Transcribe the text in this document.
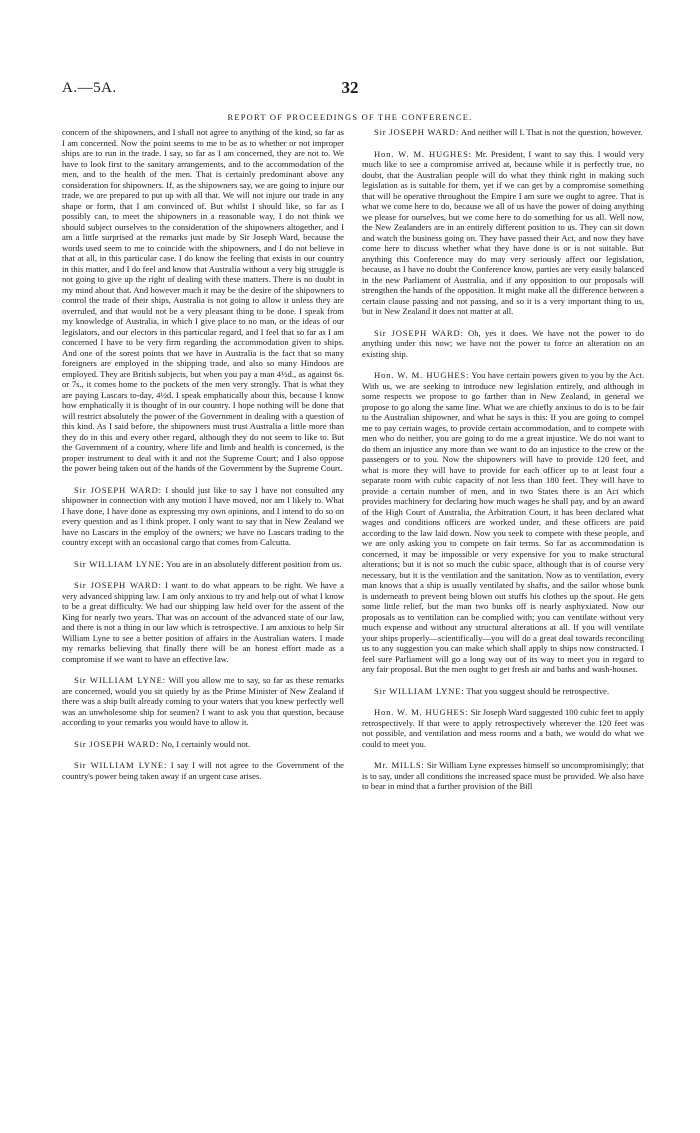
A.—5A.	32
REPORT OF PROCEEDINGS OF THE CONFERENCE.

concern of the shipowners, and I shall not agree to anything of the kind, so far as I am concerned. Now the point seems to me to be as to whether or not improper ships are to run in the trade. I say, so far as I am concerned, they are not to. We have to look first to the sanitary arrangements, and to the accommodation of the men, and to the health of the men. That is certainly predominant above any consideration for shipowners. If, as the shipowners say, we are going to injure our trade, we are prepared to put up with all that. We will not injure our trade in any shape or form, that I am convinced of. But whilst I should like, so far as I possibly can, to meet the shipowners in a reasonable way, I do not think we should subject ourselves to the consideration of the shipowners altogether, and I am a little surprised at the remarks just made by Sir Joseph Ward, because the words used seem to me to coincide with the shipowners, and I do not believe in that at all, in this particular case. I do know the feeling that exists in our country in this matter, and I do feel and know that Australia without a very big struggle is not going to give up the right of dealing with these matters. There is no doubt in my mind about that. And however much it may be the desire of the shipowners to control the trade of their ships, Australia is not going to allow it unless they are overruled, and that would not be a very pleasant thing to be done. I speak from my knowledge of Australia, in which I give place to no man, or the ideas of our legislators, and our electors in this particular regard, and I feel that so far as I am concerned I have to be very firm regarding the accommodation given to ships. And one of the sorest points that we have in Australia is the fact that so many foreigners are employed in the shipping trade, and also so many Hindoos are employed. They are British subjects, but when you pay a man 4½d., as against 6s. or 7s., it comes home to the pockets of the men very strongly. That is what they are paying Lascars to-day, 4½d. I speak emphatically about this, because I know how emphatically it is thought of in our country. I hope nothing will be done that will restrict absolutely the power of the Government in dealing with a question of this kind. As I said before, the shipowners must trust Australia a little more than they do in this and every other regard, although they do not seem to like to. But the Government of a country, where life and limb and health is concerned, is the proper instrument to deal with it and not the Supreme Court; and I also oppose the power being taken out of the hands of the Government by the Supreme Court.

Sir JOSEPH WARD: I should just like to say I have not consulted any shipowner in connection with any motion I have moved, nor am I likely to. What I have done, I have done as expressing my own opinions, and I intend to do so on every question and as I think proper. I only want to say that in New Zealand we have no Lascars in the employ of the owners; we have no Lascars trading to the country except with an occasional cargo that comes from Calcutta.

Sir WILLIAM LYNE: You are in an absolutely different position from us.

Sir JOSEPH WARD: I want to do what appears to be right. We have a very advanced shipping law. I am only anxious to try and help out of what I know to be a great difficulty. We had our shipping law held over for the assent of the King for nearly two years. That was on account of the advanced state of our law, and there is not a thing in our law which is retrospective. I am anxious to help Sir William Lyne to see a better position of affairs in the Australian waters. I made my remarks believing that finally there will be an honest effort made as a compromise if we want to have an effective law.

Sir WILLIAM LYNE: Will you allow me to say, so far as these remarks are concerned, would you sit quietly by as the Prime Minister of New Zealand if there was a ship built already coming to your waters that you knew perfectly well was an unwholesome ship for seamen? I want to ask you that question, because according to your remarks you would have to allow it.

Sir JOSEPH WARD: No, I certainly would not.

Sir WILLIAM LYNE: I say I will not agree to the Government of the country's power being taken away if an urgent case arises.

Sir JOSEPH WARD: And neither will I. That is not the question, however.

Hon. W. M. HUGHES: Mr. President, I want to say this. I would very much like to see a compromise arrived at, because while it is perfectly true, no doubt, that the Australian people will do what they think right in making such legislation as is suitable for them, yet if we can get by a compromise something that will be operative throughout the Empire I am sure we ought to agree. That is what we come here to do, because we all of us have the power of doing anything we please for ourselves, but we come here to do something for us all. Well now, the New Zealanders are in an entirely different position to us. They can sit down and watch the business going on. They have passed their Act, and now they have come here to discuss whether what they have done is or is not suitable. But anything this Conference may do may very seriously affect our legislation, because, as I have no doubt the Conference know, parties are very easily balanced in the new Parliament of Australia, and if any opposition to our proposals will strengthen the hands of the opposition. It might make all the difference between a certain clause passing and not passing, and so it is a very important thing to us, but in New Zealand it does not matter at all.

Sir JOSEPH WARD: Oh, yes it does. We have not the power to do anything under this now; we have not the power to force an alteration on an existing ship.

Hon. W. M. HUGHES: You have certain powers given to you by the Act. With us, we are seeking to introduce new legislation entirely, and although in some respects we propose to go farther than in New Zealand, in general we propose to go along the same line. What we are chiefly anxious to do is to be fair to the Australian shipowner, and what he says is this: If you are going to compel me to pay certain wages, to provide certain accommodation, and to compete with men who do neither, you are going to do me a great injustice. We do not want to do them an injustice any more than we want to do an injustice to the crew or the passengers or to you. Now the shipowners will have to provide 120 feet, and what is more they will have to provide for each officer up to at least four a separate room with cubic capacity of not less than 180 feet. They will have to provide a certain number of men, and in two States there is an Act which provides machinery for declaring how much wages he shall pay, and by an award of the High Court of Australia, the Arbitration Court, it has been declared what wages and conditions officers are worked under, and these officers are paid according to the law laid down. Now you seek to compete with these people, and we are only asking you to compete on fair terms. So far as accommodation is concerned, it may be impossible or very expensive for you to make structural alterations; but it is not so much the cubic space, although that is of course very necessary, but it is the ventilation and the sanitation. Now as to ventilation, every man knows that a ship is usually ventilated by shafts, and the sailor whose bunk is underneath to prevent being blown out stuffs his clothes up the spout. He gets some little relief, but the man two bunks off is nearly asphyxiated. Now our proposals as to ventilation can be complied with; you can ventilate without very much expense and without any structural alterations at all. If you will ventilate your ships properly—scientifically—you will do a great deal towards reconciling us to any suggestion you can make which shall apply to ships now constructed. I feel sure Parliament will go a long way out of its way to meet you in regard to any fair proposal. But the men ought to get fresh air and baths and wash-houses.

Sir WILLIAM LYNE: That you suggest should be retrospective.

Hon. W. M. HUGHES: Sir Joseph Ward suggested 100 cubic feet to apply retrospectively. If that were to apply retrospectively wherever the 120 feet was not possible, and ventilation and mess rooms and a bath, we would do what we could to meet you.

Mr. MILLS: Sir William Lyne expresses himself so uncompromisingly; that is to say, under all conditions the increased space must be provided. We also have to bear in mind that a further provision of the Bill
